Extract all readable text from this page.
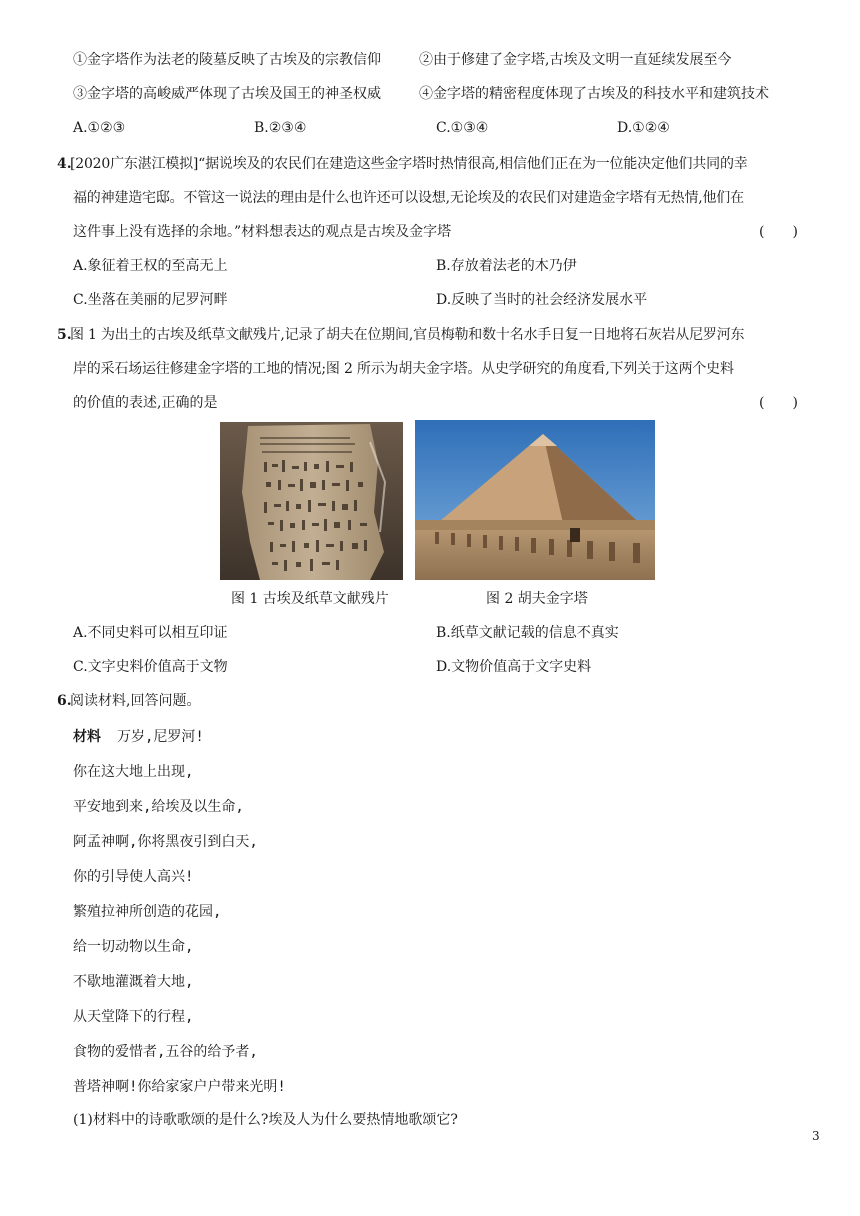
①金字塔作为法老的陵墓反映了古埃及的宗教信仰	②由于修建了金字塔,古埃及文明一直延续发展至今
③金字塔的高峻威严体现了古埃及国王的神圣权威	④金字塔的精密程度体现了古埃及的科技水平和建筑技术
A.①②③	B.②③④	C.①③④	D.①②④
4.
[2020广东湛江模拟]“据说埃及的农民们在建造这些金字塔时热情很高,相信他们正在为一位能决定他们共同的幸
福的神建造宅邸。不管这一说法的理由是什么也许还可以设想,无论埃及的农民们对建造金字塔有无热情,他们在
这件事上没有选择的余地。”材料想表达的观点是古埃及金字塔	(　　)
A.象征着王权的至高无上	B.存放着法老的木乃伊
C.坐落在美丽的尼罗河畔	D.反映了当时的社会经济发展水平
5.
图 1 为出土的古埃及纸草文献残片,记录了胡夫在位期间,官员梅勒和数十名水手日复一日地将石灰岩从尼罗河东
岸的采石场运往修建金字塔的工地的情况;图 2 所示为胡夫金字塔。从史学研究的角度看,下列关于这两个史料
的价值的表述,正确的是	(　　)
图 1 古埃及纸草文献残片	图 2 胡夫金字塔
A.不同史料可以相互印证	B.纸草文献记载的信息不真实
C.文字史料价值高于文物	D.文物价值高于文字史料
6.
阅读材料,回答问题。
材料 万岁,尼罗河!
你在这大地上出现,
平安地到来,给埃及以生命,
阿孟神啊,你将黑夜引到白天,
你的引导使人高兴!
繁殖拉神所创造的花园,
给一切动物以生命,
不歇地灌溉着大地,
从天堂降下的行程,
食物的爱惜者,五谷的给予者,
普塔神啊!你给家家户户带来光明!
(1)材料中的诗歌歌颂的是什么?埃及人为什么要热情地歌颂它?
3
